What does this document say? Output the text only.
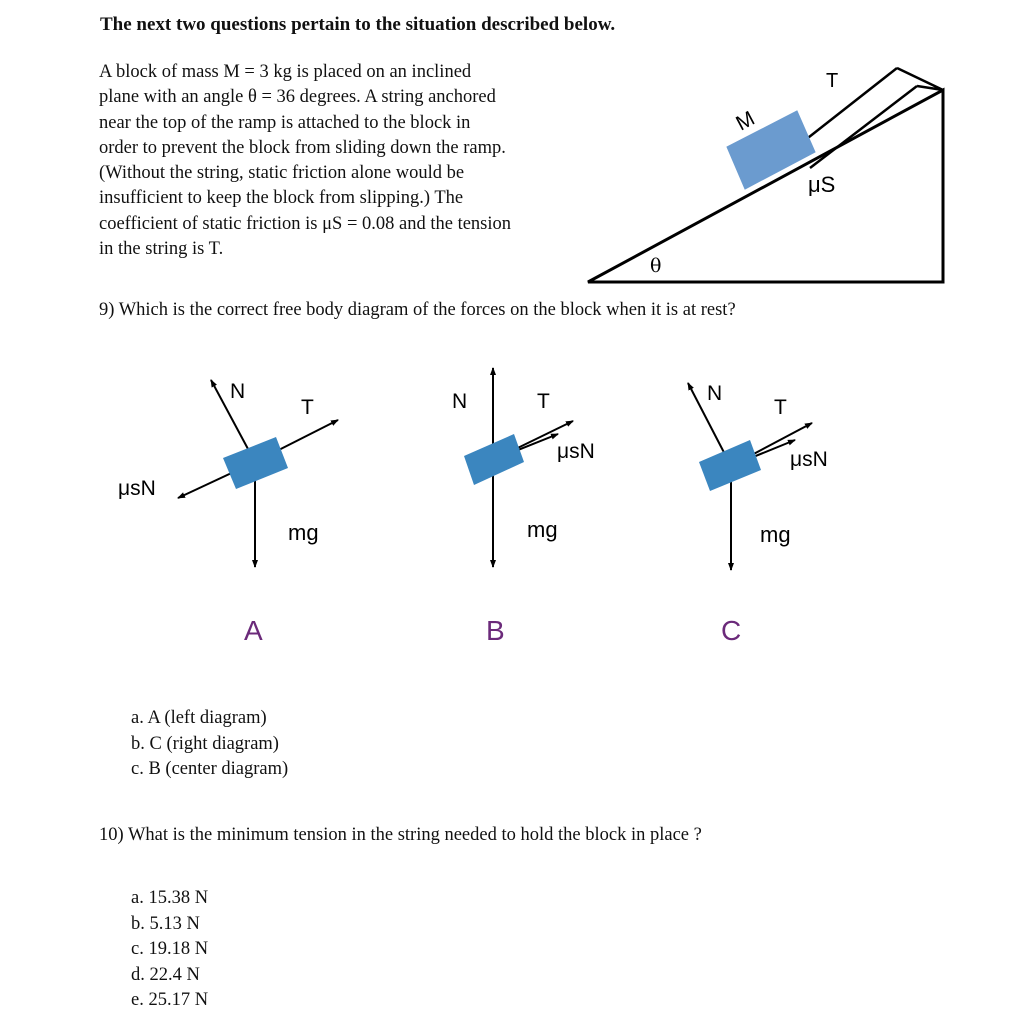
The next two questions pertain to the situation described below.
A block of mass M = 3 kg is placed on an inclined
plane with an angle θ = 36 degrees. A string anchored
near the top of the ramp is attached to the block in
order to prevent the block from sliding down the ramp.
(Without the string, static friction alone would be
insufficient to keep the block from slipping.) The
coefficient of static friction is μS = 0.08 and the tension
in the string is T.
T
M
μS
θ
9) Which is the correct free body diagram of the forces on the block when it is at rest?
N
T
μsN
mg
A
N	T
μsN
mg
B
N
T
μsN
mg
C
a. A (left diagram)
b. C (right diagram)
c. B (center diagram)
10) What is the minimum tension in the string needed to hold the block in place ?
a. 15.38 N
b. 5.13 N
c. 19.18 N
d. 22.4 N
e. 25.17 N
